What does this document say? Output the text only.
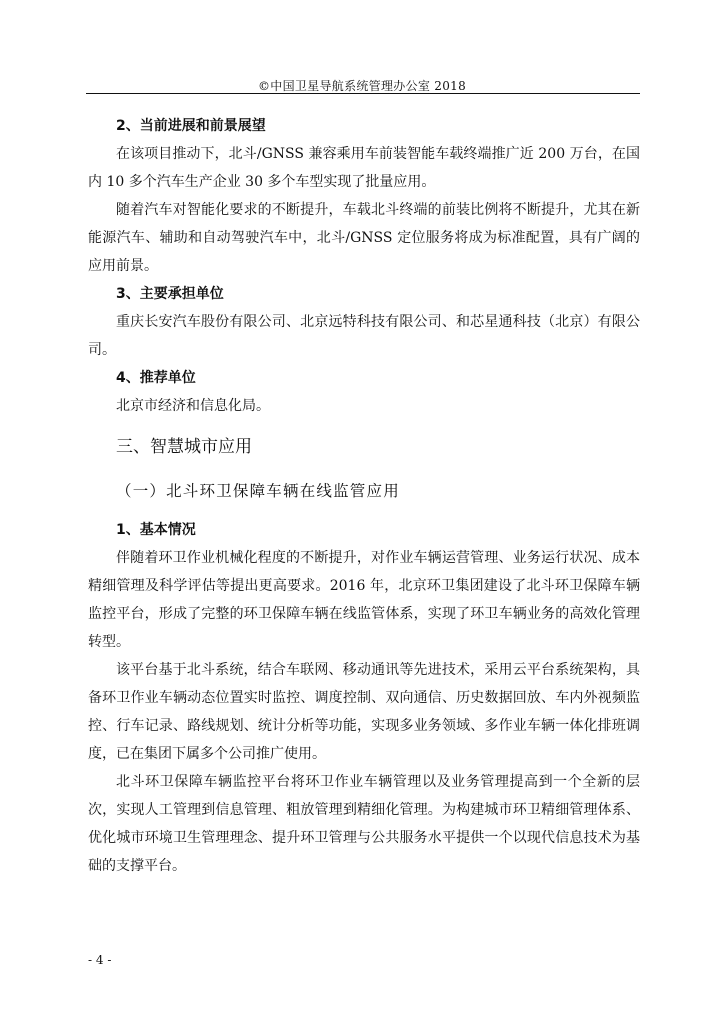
©中国卫星导航系统管理办公室 2018
2、当前进展和前景展望

在该项目推动下，北斗/GNSS 兼容乘用车前装智能车载终端推广近 200 万台，在国内 10 多个汽车生产企业 30 多个车型实现了批量应用。

随着汽车对智能化要求的不断提升，车载北斗终端的前装比例将不断提升，尤其在新能源汽车、辅助和自动驾驶汽车中，北斗/GNSS 定位服务将成为标准配置，具有广阔的应用前景。

3、主要承担单位

重庆长安汽车股份有限公司、北京远特科技有限公司、和芯星通科技（北京）有限公司。

4、推荐单位

北京市经济和信息化局。

三、智慧城市应用
（一）北斗环卫保障车辆在线监管应用
1、基本情况

伴随着环卫作业机械化程度的不断提升，对作业车辆运营管理、业务运行状况、成本精细管理及科学评估等提出更高要求。2016 年，北京环卫集团建设了北斗环卫保障车辆监控平台，形成了完整的环卫保障车辆在线监管体系，实现了环卫车辆业务的高效化管理转型。

该平台基于北斗系统，结合车联网、移动通讯等先进技术，采用云平台系统架构，具备环卫作业车辆动态位置实时监控、调度控制、双向通信、历史数据回放、车内外视频监控、行车记录、路线规划、统计分析等功能，实现多业务领域、多作业车辆一体化排班调度，已在集团下属多个公司推广使用。

北斗环卫保障车辆监控平台将环卫作业车辆管理以及业务管理提高到一个全新的层次，实现人工管理到信息管理、粗放管理到精细化管理。为构建城市环卫精细管理体系、优化城市环境卫生管理理念、提升环卫管理与公共服务水平提供一个以现代信息技术为基础的支撑平台。

- 4 -
